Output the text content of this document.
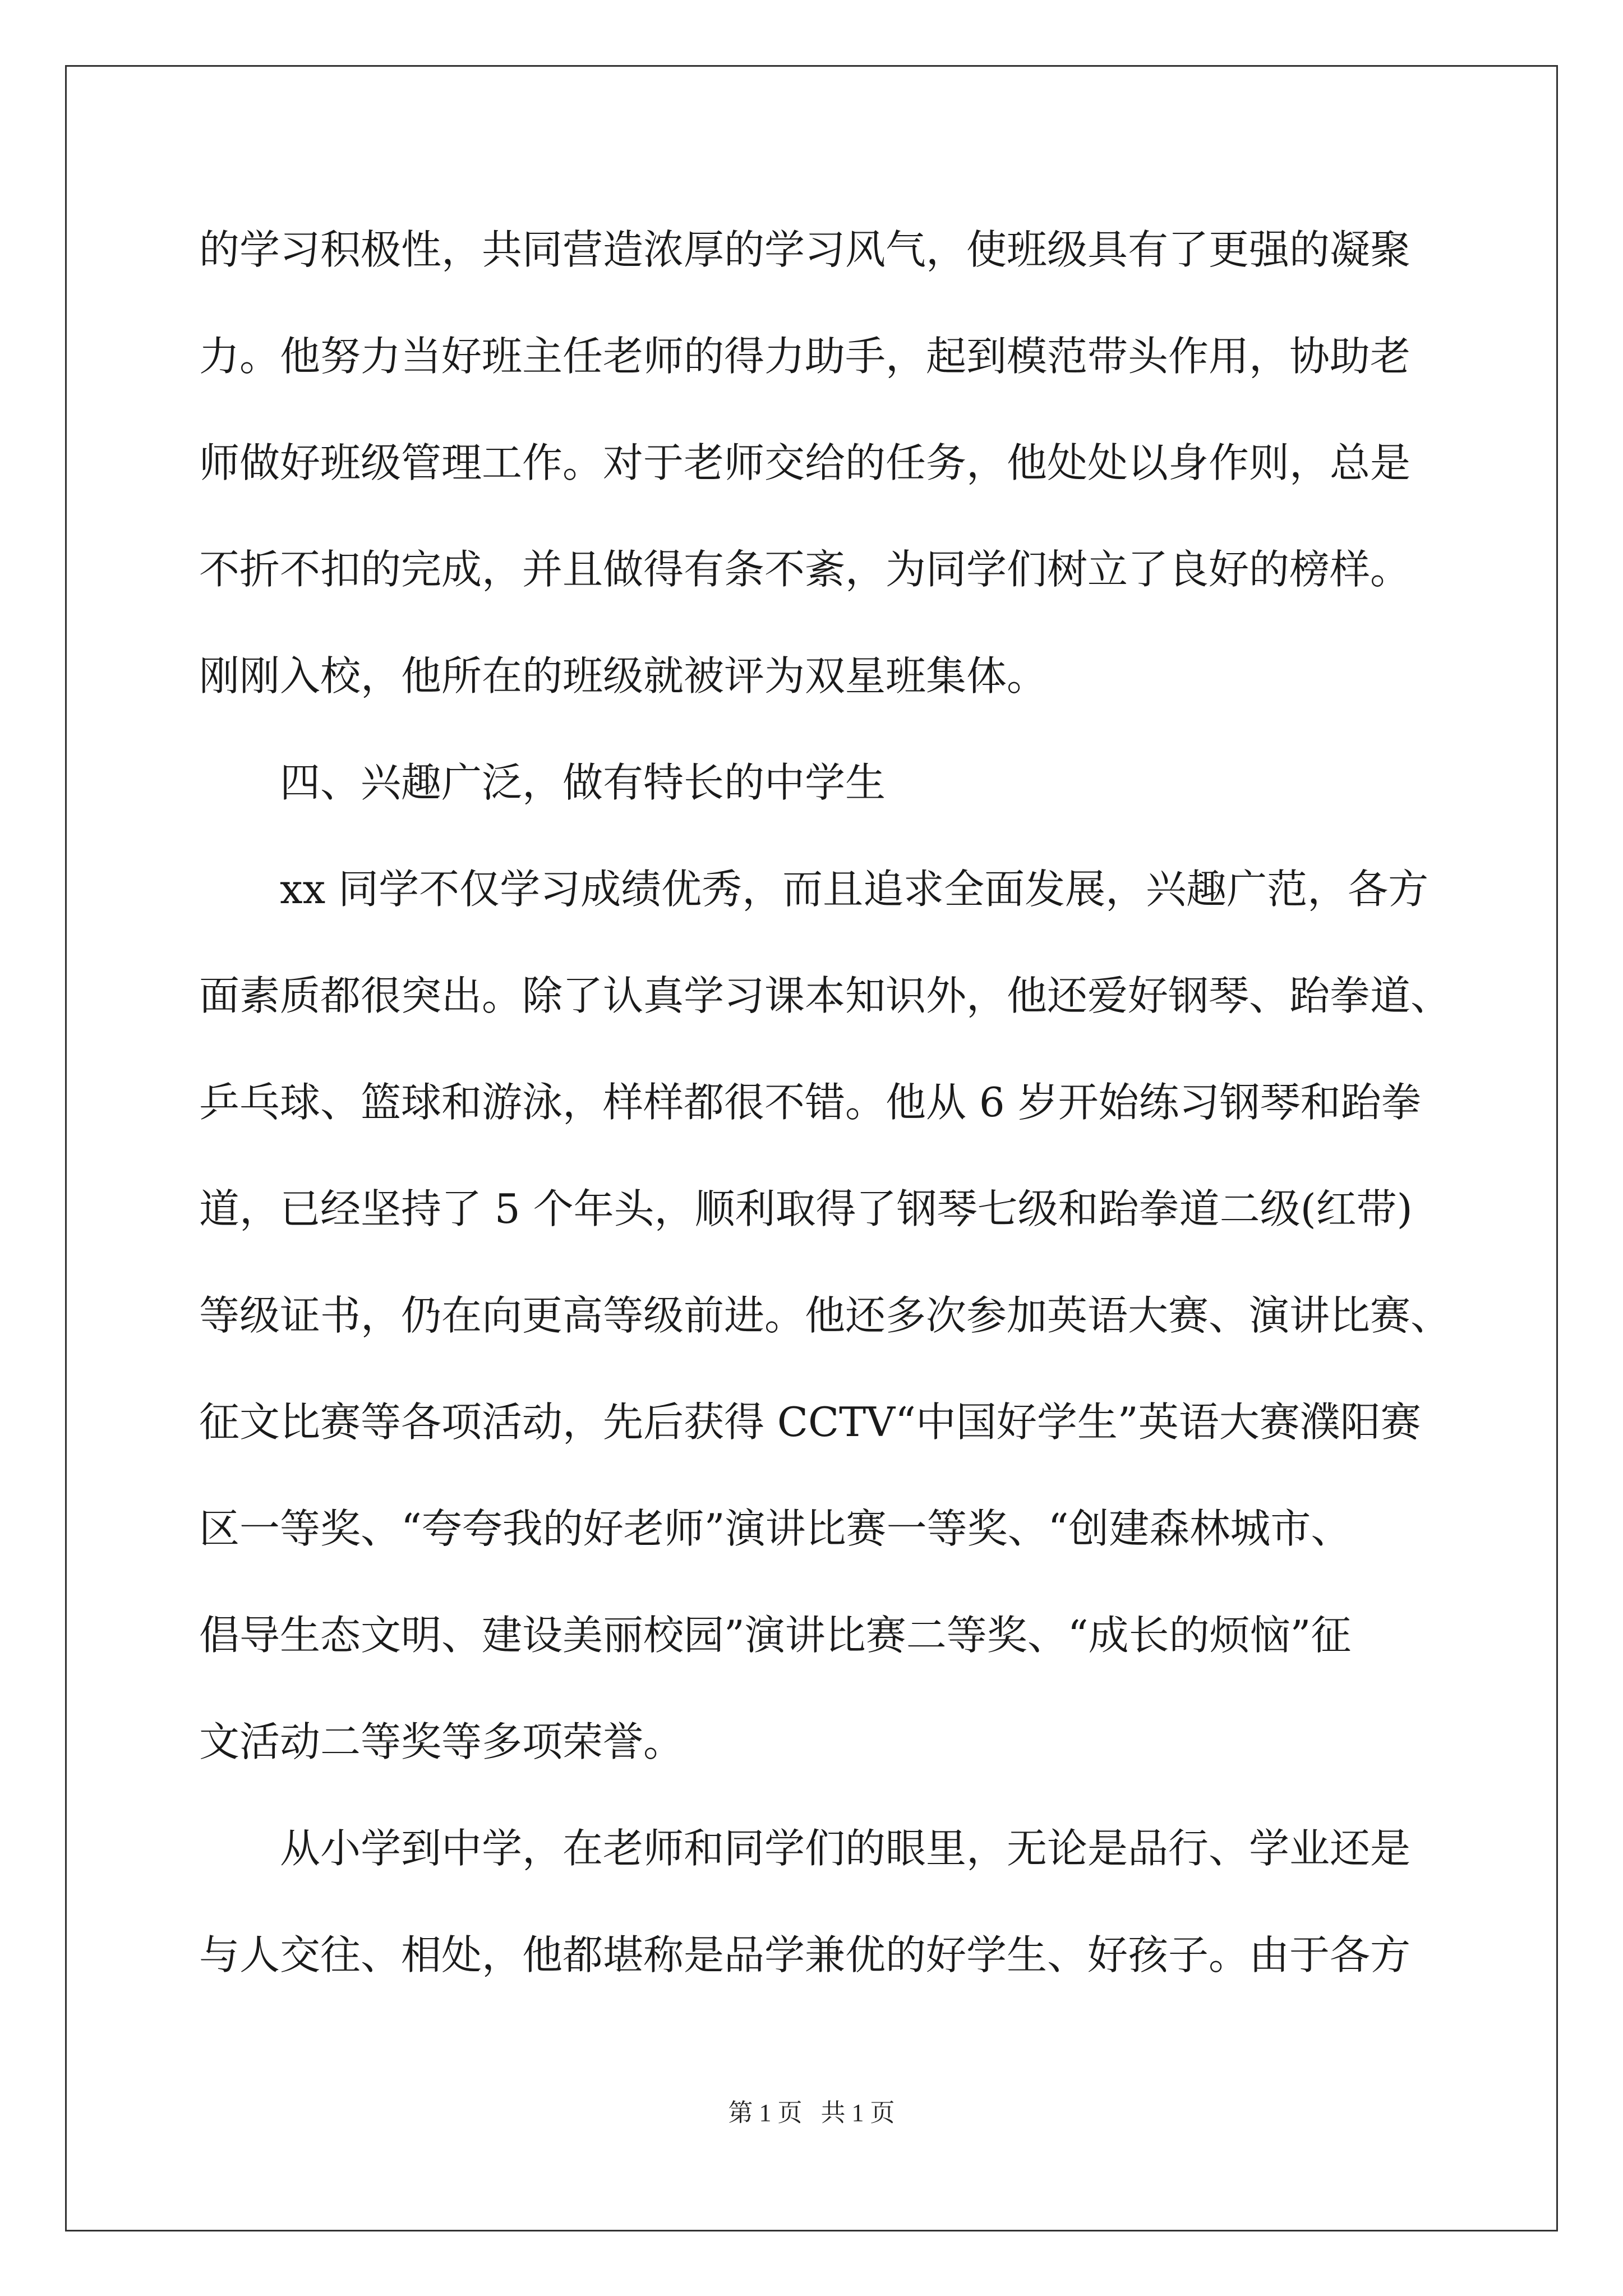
的学习积极性，共同营造浓厚的学习风气，使班级具有了更强的凝聚
力。他努力当好班主任老师的得力助手，起到模范带头作用，协助老
师做好班级管理工作。对于老师交给的任务，他处处以身作则，总是
不折不扣的完成，并且做得有条不紊，为同学们树立了良好的榜样。
刚刚入校，他所在的班级就被评为双星班集体。
四、兴趣广泛，做有特长的中学生
xx 同学不仅学习成绩优秀，而且追求全面发展，兴趣广范，各方
面素质都很突出。除了认真学习课本知识外，他还爱好钢琴、跆拳道、
乒乓球、篮球和游泳，样样都很不错。他从 6 岁开始练习钢琴和跆拳
道，已经坚持了 5 个年头，顺利取得了钢琴七级和跆拳道二级(红带)
等级证书，仍在向更高等级前进。他还多次参加英语大赛、演讲比赛、
征文比赛等各项活动，先后获得 CCTV“中国好学生”英语大赛濮阳赛
区一等奖、“夸夸我的好老师”演讲比赛一等奖、“创建森林城市、
倡导生态文明、建设美丽校园”演讲比赛二等奖、“成长的烦恼”征
文活动二等奖等多项荣誉。
从小学到中学，在老师和同学们的眼里，无论是品行、学业还是
与人交往、相处，他都堪称是品学兼优的好学生、好孩子。由于各方
第 1 页 共 1 页
